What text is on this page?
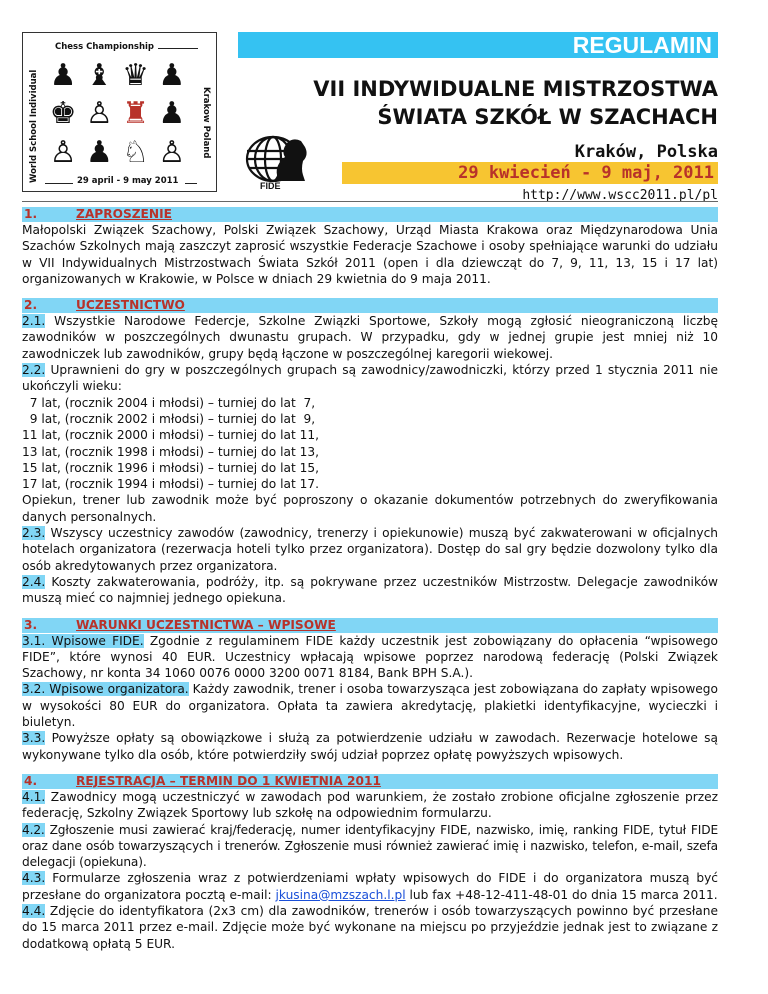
Chess Championship
World School Individual	Krakow Poland
♟ ♝ ♛ ♟
♚ ♙ ♜ ♟
♙ ♟ ♘ ♙
29 april - 9 may 2011
REGULAMIN
VII INDYWIDUALNE MISTRZOSTWA
ŚWIATA SZKÓŁ W SZACHACH
Kraków, Polska
29 kwiecień - 9 maj, 2011
http://www.wscc2011.pl/pl
FIDE
1.	ZAPROSZENIE

Małopolski Związek Szachowy, Polski Związek Szachowy, Urząd Miasta Krakowa oraz Międzynarodowa Unia Szachów Szkolnych mają zaszczyt zaprosić wszystkie Federacje Szachowe i osoby spełniające warunki do udziału w VII Indywidualnych Mistrzostwach Świata Szkół 2011 (open i dla dziewcząt do 7, 9, 11, 13, 15 i 17 lat) organizowanych w Krakowie, w Polsce w dniach 29 kwietnia do 9 maja 2011.

2.	UCZESTNICTWO

2.1. Wszystkie Narodowe Federcje, Szkolne Związki Sportowe, Szkoły mogą zgłosić nieograniczoną liczbę zawodników w poszczególnych dwunastu grupach. W przypadku, gdy w jednej grupie jest mniej niż 10 zawodniczek lub zawodników, grupy będą łączone w poszczególnej karegorii wiekowej.

2.2. Uprawnieni do gry w poszczególnych grupach są zawodnicy/zawodniczki, którzy przed 1 stycznia 2011 nie ukończyli wieku:

7 lat, (rocznik 2004 i młodsi) – turniej do lat  7,
9 lat, (rocznik 2002 i młodsi) – turniej do lat  9,
11 lat, (rocznik 2000 i młodsi) – turniej do lat 11,
13 lat, (rocznik 1998 i młodsi) – turniej do lat 13,
15 lat, (rocznik 1996 i młodsi) – turniej do lat 15,
17 lat, (rocznik 1994 i młodsi) – turniej do lat 17.

Opiekun, trener lub zawodnik może być poproszony o okazanie dokumentów potrzebnych do zweryfikowania danych personalnych.

2.3. Wszyscy uczestnicy zawodów (zawodnicy, trenerzy i opiekunowie) muszą być zakwaterowani w oficjalnych hotelach organizatora (rezerwacja hoteli tylko przez organizatora). Dostęp do sal gry będzie dozwolony tylko dla osób akredytowanych przez organizatora.

2.4. Koszty zakwaterowania, podróży, itp. są pokrywane przez uczestników Mistrzostw. Delegacje zawodników muszą mieć co najmniej jednego opiekuna.

3.	WARUNKI UCZESTNICTWA – WPISOWE

3.1. Wpisowe FIDE. Zgodnie z regulaminem FIDE każdy uczestnik jest zobowiązany do opłacenia “wpisowego FIDE”, które wynosi 40 EUR. Uczestnicy wpłacają wpisowe poprzez narodową federację (Polski Związek Szachowy, nr konta 34 1060 0076 0000 3200 0071 8184, Bank BPH S.A.).

3.2. Wpisowe organizatora. Każdy zawodnik, trener i osoba towarzysząca jest zobowiązana do zapłaty wpisowego w wysokości 80 EUR do organizatora. Opłata ta zawiera akredytację, plakietki identyfikacyjne, wycieczki i biuletyn.

3.3. Powyższe opłaty są obowiązkowe i służą za potwierdzenie udziału w zawodach. Rezerwacje hotelowe są wykonywane tylko dla osób, które potwierdziły swój udział poprzez opłatę powyższych wpisowych.

4.	REJESTRACJA – TERMIN DO 1 KWIETNIA 2011

4.1. Zawodnicy mogą uczestniczyć w zawodach pod warunkiem, że zostało zrobione oficjalne zgłoszenie przez federację, Szkolny Związek Sportowy lub szkołę na odpowiednim formularzu.

4.2. Zgłoszenie musi zawierać kraj/federację, numer identyfikacyjny FIDE, nazwisko, imię, ranking FIDE, tytuł FIDE oraz dane osób towarzyszących i trenerów. Zgłoszenie musi również zawierać imię i nazwisko, telefon, e-mail, szefa delegacji (opiekuna).

4.3. Formularze zgłoszenia wraz z potwierdzeniami wpłaty wpisowych do FIDE i do organizatora muszą być przesłane do organizatora pocztą e-mail: jkusina@mzszach.l.pl lub fax +48-12-411-48-01 do dnia 15 marca 2011.

4.4. Zdjęcie do identyfikatora (2x3 cm) dla zawodników, trenerów i osób towarzyszących powinno być przesłane do 15 marca 2011 przez e-mail. Zdjęcie może być wykonane na miejscu po przyjeździe jednak jest to związane z dodatkową opłatą 5 EUR.
